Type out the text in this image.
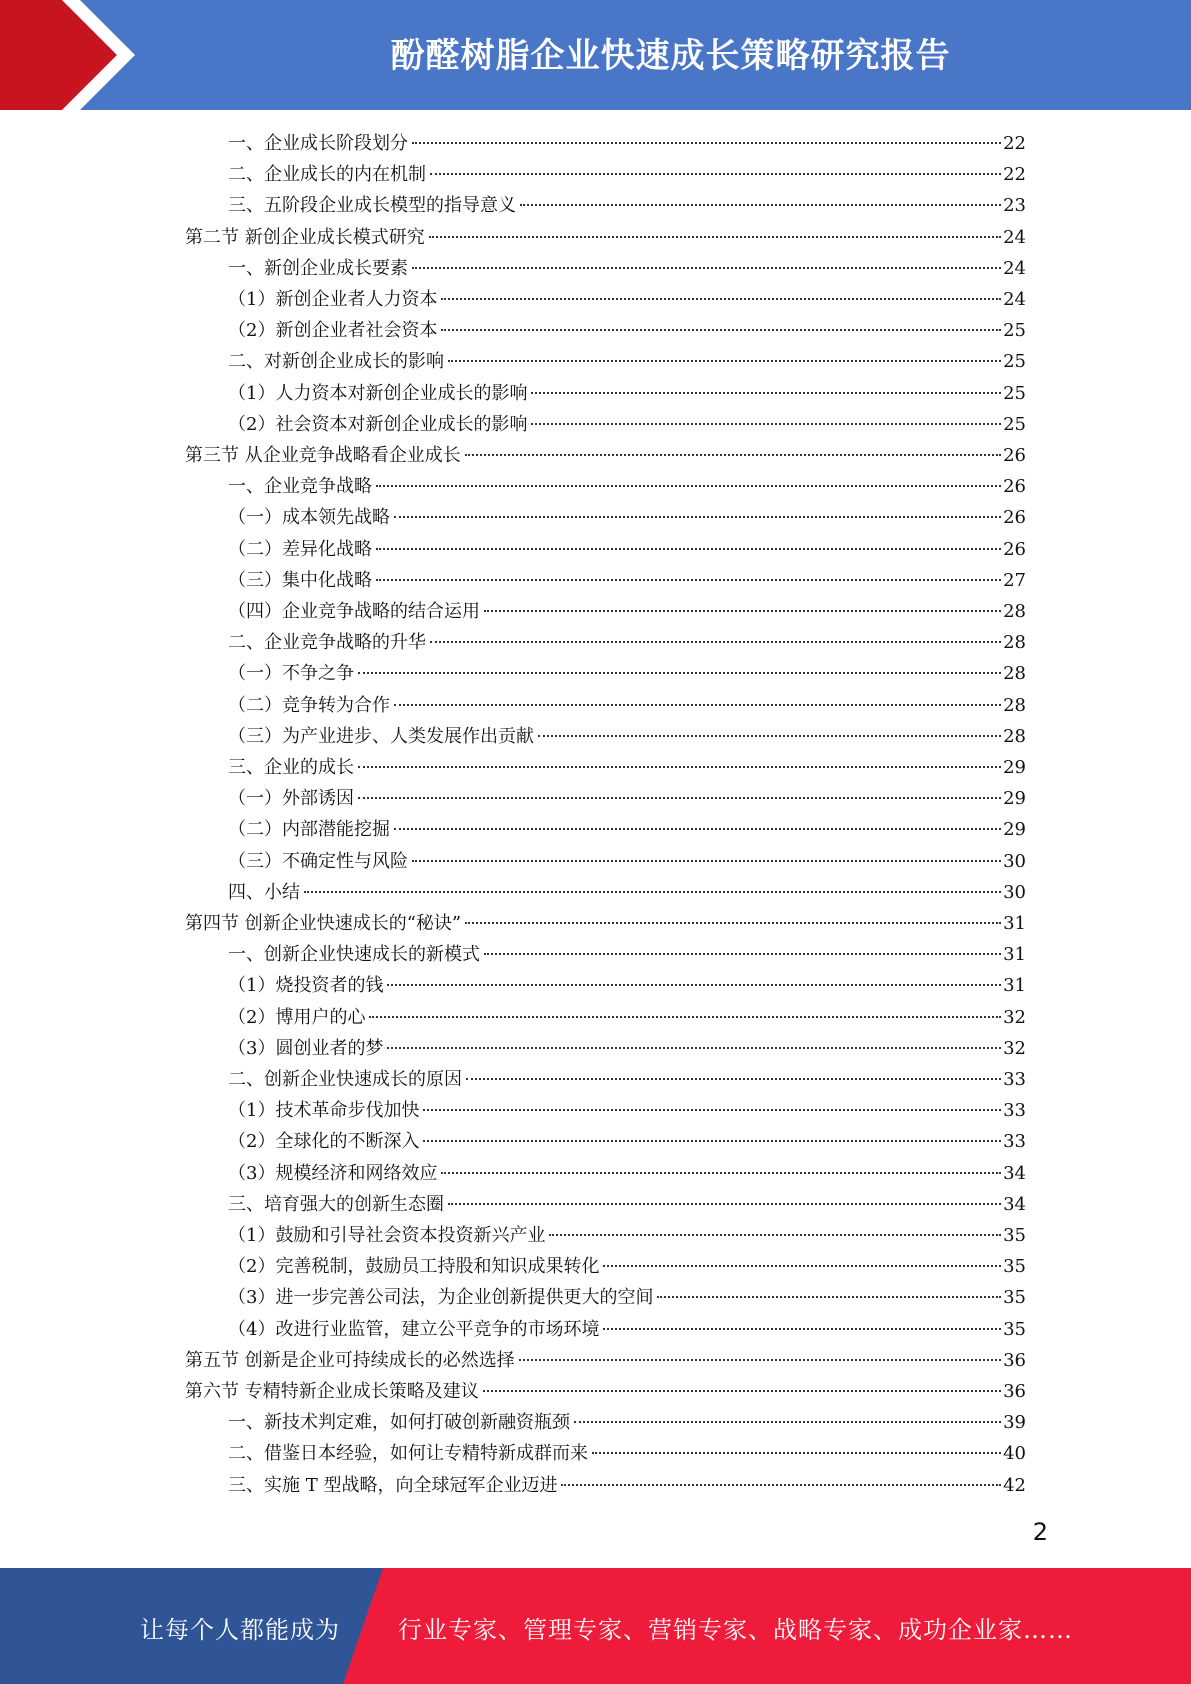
酚醛树脂企业快速成长策略研究报告
一、企业成长阶段划分	22
二、企业成长的内在机制	22
三、五阶段企业成长模型的指导意义	23
第二节 新创企业成长模式研究	24
一、新创企业成长要素	24
（1）新创企业者人力资本	24
（2）新创企业者社会资本	25
二、对新创企业成长的影响	25
（1）人力资本对新创企业成长的影响	25
（2）社会资本对新创企业成长的影响	25
第三节 从企业竞争战略看企业成长	26
一、企业竞争战略	26
（一）成本领先战略	26
（二）差异化战略	26
（三）集中化战略	27
（四）企业竞争战略的结合运用	28
二、企业竞争战略的升华	28
（一）不争之争	28
（二）竞争转为合作	28
（三）为产业进步、人类发展作出贡献	28
三、企业的成长	29
（一）外部诱因	29
（二）内部潜能挖掘	29
（三）不确定性与风险	30
四、小结	30
第四节 创新企业快速成长的“秘诀”	31
一、创新企业快速成长的新模式	31
（1）烧投资者的钱	31
（2）博用户的心	32
（3）圆创业者的梦	32
二、创新企业快速成长的原因	33
（1）技术革命步伐加快	33
（2）全球化的不断深入	33
（3）规模经济和网络效应	34
三、培育强大的创新生态圈	34
（1）鼓励和引导社会资本投资新兴产业	35
（2）完善税制，鼓励员工持股和知识成果转化	35
（3）进一步完善公司法，为企业创新提供更大的空间	35
（4）改进行业监管，建立公平竞争的市场环境	35
第五节 创新是企业可持续成长的必然选择	36
第六节 专精特新企业成长策略及建议	36
一、新技术判定难，如何打破创新融资瓶颈	39
二、借鉴日本经验，如何让专精特新成群而来	40
三、实施 T 型战略，向全球冠军企业迈进	42
2
让每个人都能成为 行业专家、管理专家、营销专家、战略专家、成功企业家……
